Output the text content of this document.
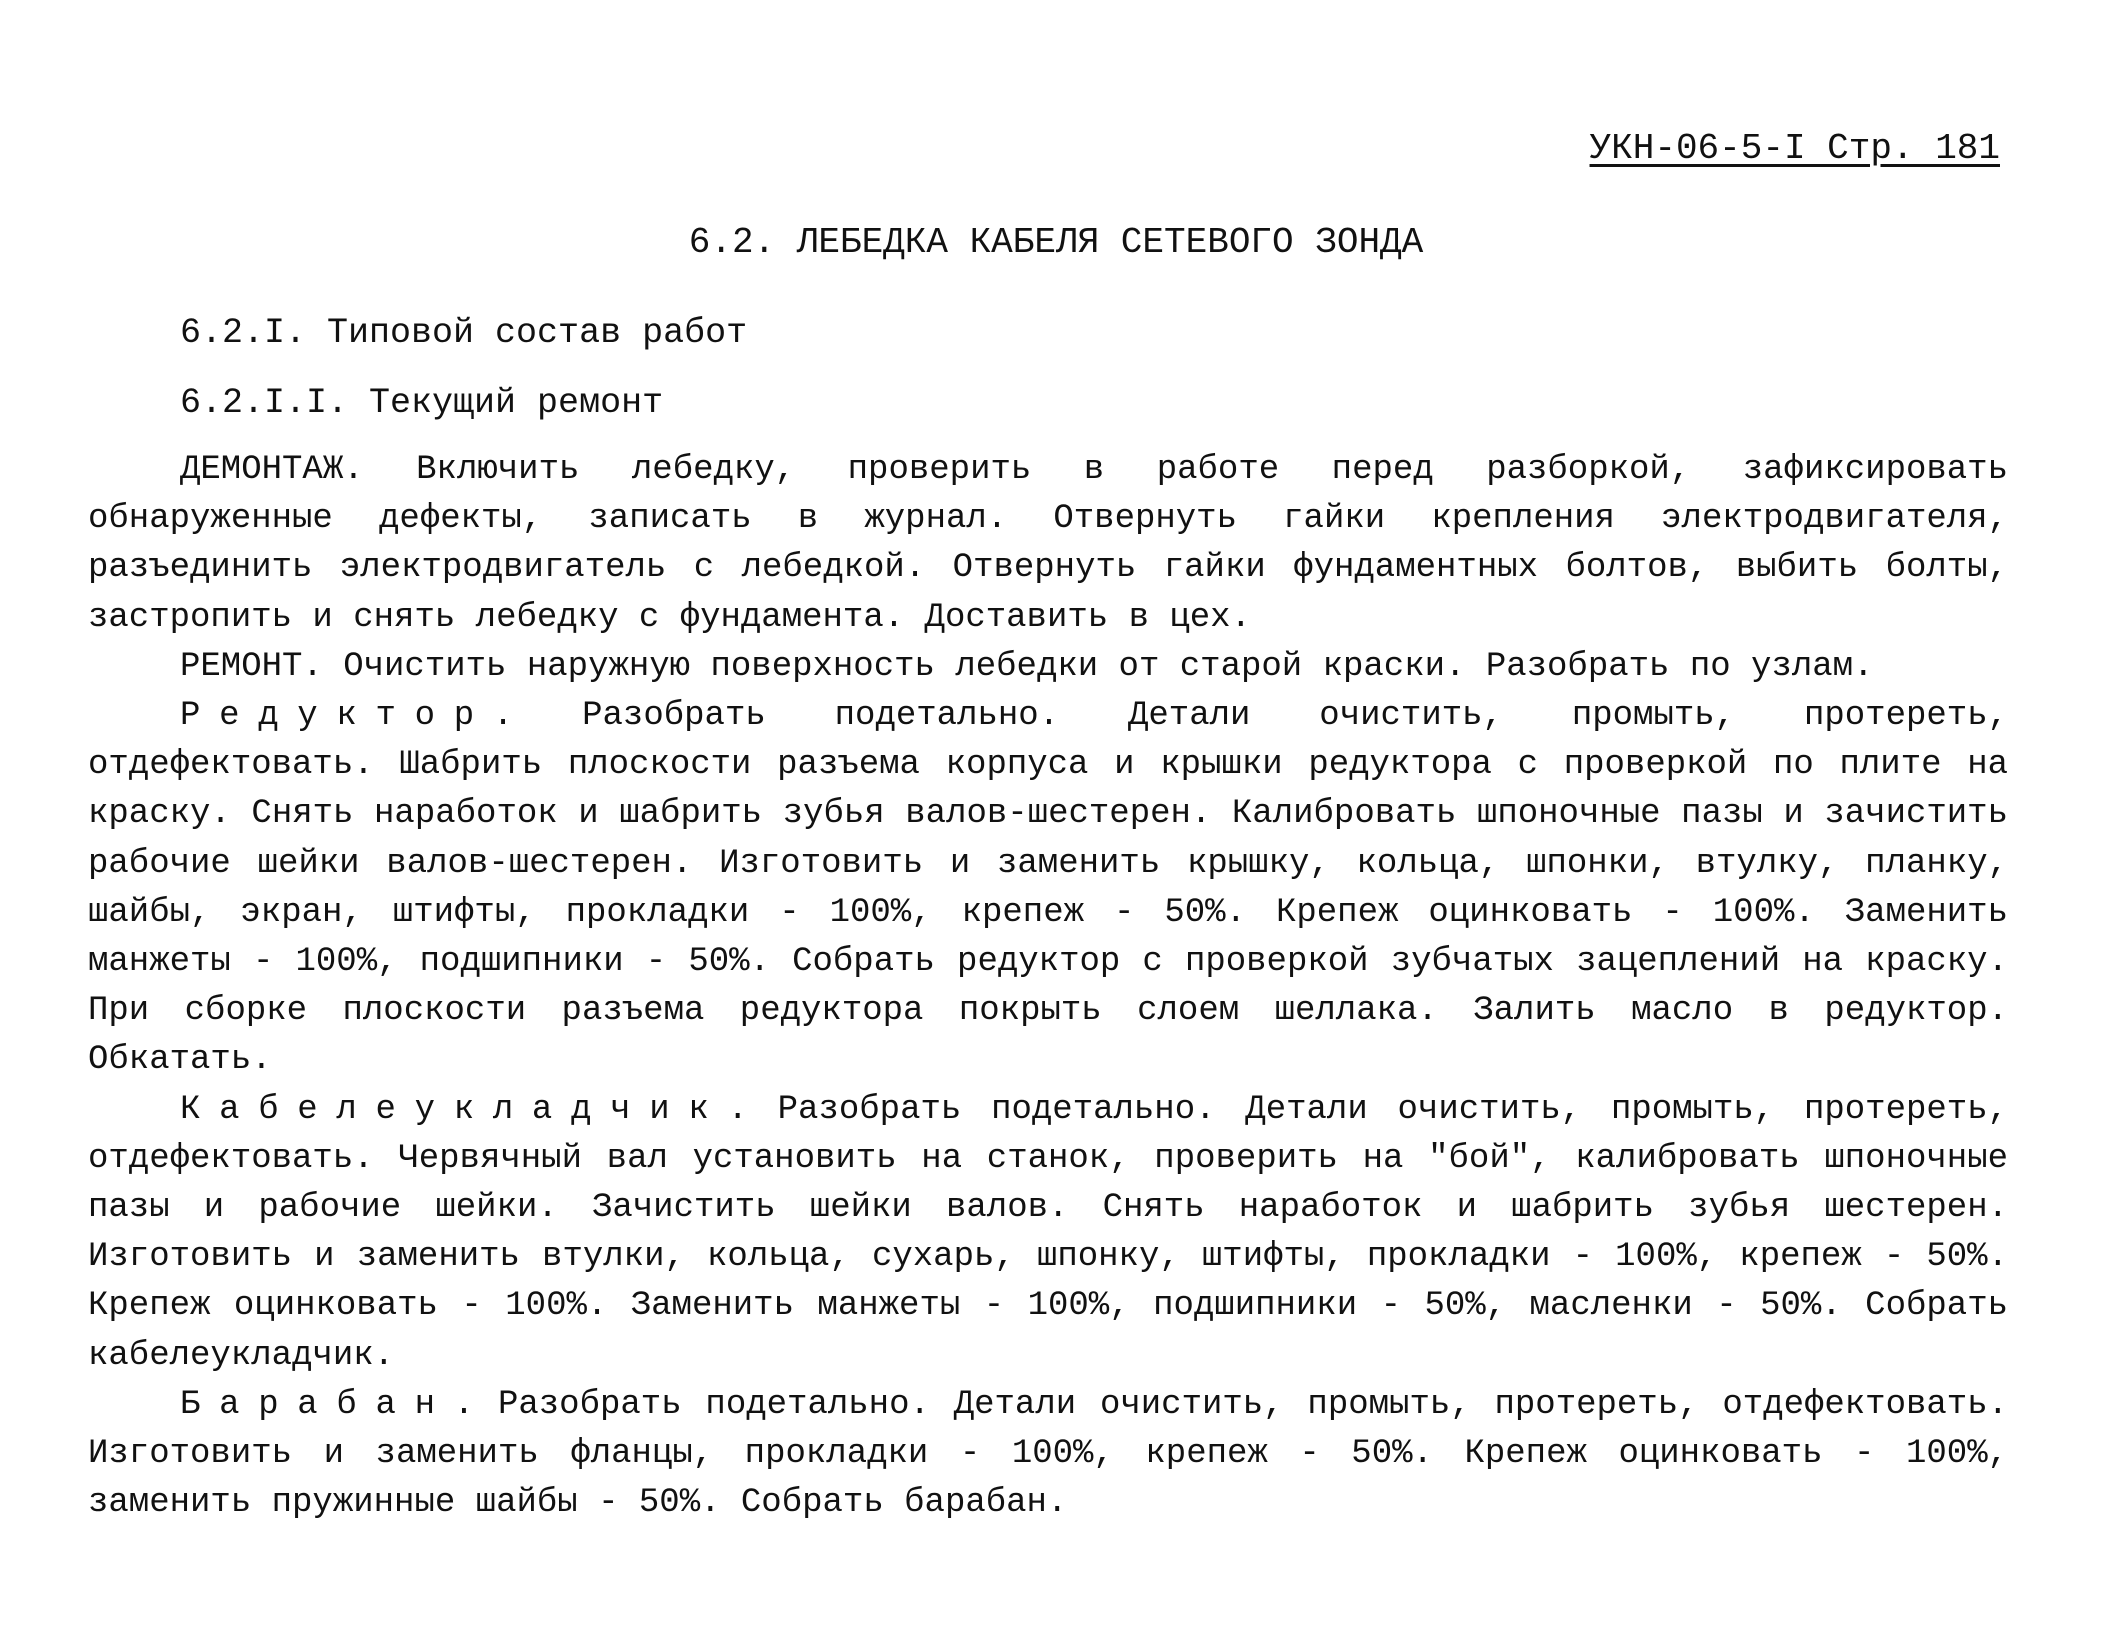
УКН-06-5-I Стр. 181
6.2. ЛЕБЕДКА КАБЕЛЯ СЕТЕВОГО ЗОНДА
6.2.I. Типовой состав работ
6.2.I.I. Текущий ремонт

ДЕМОНТАЖ. Включить лебедку, проверить в работе перед разборкой, зафиксировать обнаруженные дефекты, записать в журнал. Отвернуть гайки крепления электродвигателя, разъединить электродвигатель с лебедкой. Отвернуть гайки фундаментных болтов, выбить болты, застропить и снять лебедку с фундамента. Доставить в цех.

РЕМОНТ. Очистить наружную поверхность лебедки от старой краски. Разобрать по узлам.

Редуктор. Разобрать подетально. Детали очистить, промыть, протереть, отдефектовать. Шабрить плоскости разъема корпуса и крышки редуктора с проверкой по плите на краску. Снять наработок и шабрить зубья валов-шестерен. Калибровать шпоночные пазы и зачистить рабочие шейки валов-шестерен. Изготовить и заменить крышку, кольца, шпонки, втулку, планку, шайбы, экран, штифты, прокладки - 100%, крепеж - 50%. Крепеж оцинковать - 100%. Заменить манжеты - 100%, подшипники - 50%. Собрать редуктор с проверкой зубчатых зацеплений на краску. При сборке плоскости разъема редуктора покрыть слоем шеллака. Залить масло в редуктор. Обкатать.

Кабелеукладчик. Разобрать подетально. Детали очистить, промыть, протереть, отдефектовать. Червячный вал установить на станок, проверить на "бой", калибровать шпоночные пазы и рабочие шейки. Зачистить шейки валов. Снять наработок и шабрить зубья шестерен. Изготовить и заменить втулки, кольца, сухарь, шпонку, штифты, прокладки - 100%, крепеж - 50%. Крепеж оцинковать - 100%. Заменить манжеты - 100%, подшипники - 50%, масленки - 50%. Собрать кабелеукладчик.

Барабан. Разобрать подетально. Детали очистить, промыть, протереть, отдефектовать. Изготовить и заменить фланцы, прокладки - 100%, крепеж - 50%. Крепеж оцинковать - 100%, заменить пружинные шайбы - 50%. Собрать барабан.
